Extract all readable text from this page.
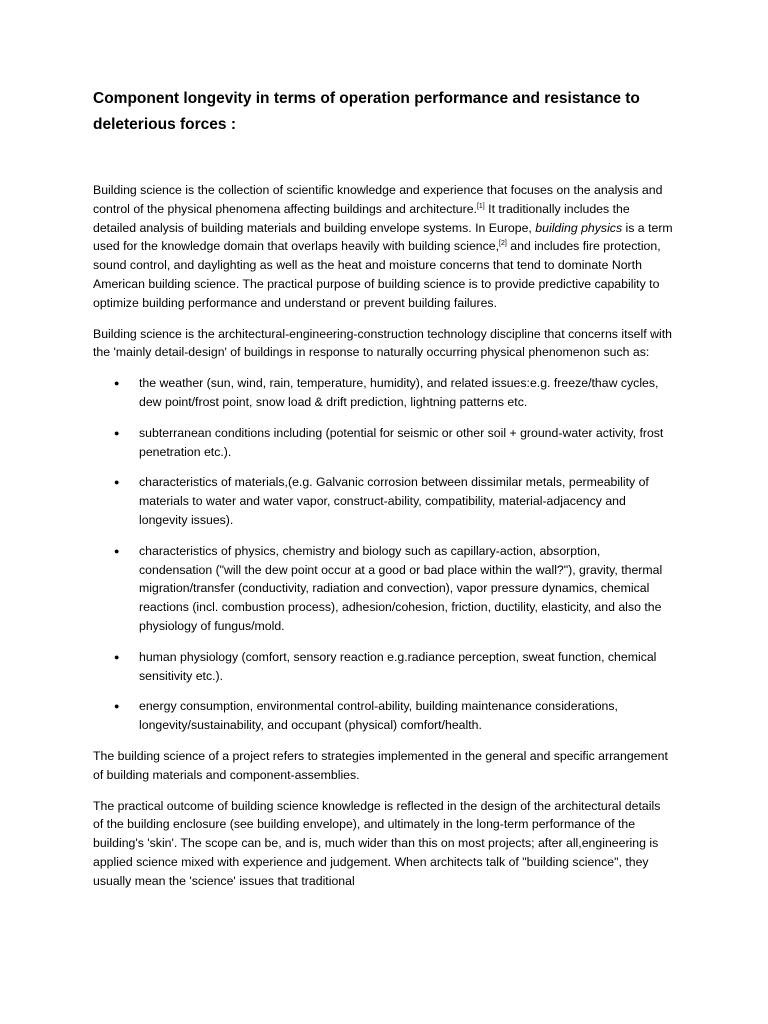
Component longevity in terms of operation performance and resistance to deleterious forces :

Building science is the collection of scientific knowledge and experience that focuses on the analysis and control of the physical phenomena affecting buildings and architecture.[1] It traditionally includes the detailed analysis of building materials and building envelope systems. In Europe, building physics is a term used for the knowledge domain that overlaps heavily with building science,[2] and includes fire protection, sound control, and daylighting as well as the heat and moisture concerns that tend to dominate North American building science. The practical purpose of building science is to provide predictive capability to optimize building performance and understand or prevent building failures.

Building science is the architectural-engineering-construction technology discipline that concerns itself with the 'mainly detail-design' of buildings in response to naturally occurring physical phenomenon such as:

● the weather (sun, wind, rain, temperature, humidity), and related issues:e.g. freeze/thaw cycles, dew point/frost point, snow load & drift prediction, lightning patterns etc.
● subterranean conditions including (potential for seismic or other soil + ground-water activity, frost penetration etc.).
● characteristics of materials,(e.g. Galvanic corrosion between dissimilar metals, permeability of materials to water and water vapor, construct-ability, compatibility, material-adjacency and longevity issues).
● characteristics of physics, chemistry and biology such as capillary-action, absorption, condensation ("will the dew point occur at a good or bad place within the wall?"), gravity, thermal migration/transfer (conductivity, radiation and convection), vapor pressure dynamics, chemical reactions (incl. combustion process), adhesion/cohesion, friction, ductility, elasticity, and also the physiology of fungus/mold.
● human physiology (comfort, sensory reaction e.g.radiance perception, sweat function, chemical sensitivity etc.).
● energy consumption, environmental control-ability, building maintenance considerations, longevity/sustainability, and occupant (physical) comfort/health.

The building science of a project refers to strategies implemented in the general and specific arrangement of building materials and component-assemblies.

The practical outcome of building science knowledge is reflected in the design of the architectural details of the building enclosure (see building envelope), and ultimately in the long-term performance of the building's 'skin'. The scope can be, and is, much wider than this on most projects; after all,engineering is applied science mixed with experience and judgement. When architects talk of "building science", they usually mean the 'science' issues that traditional
